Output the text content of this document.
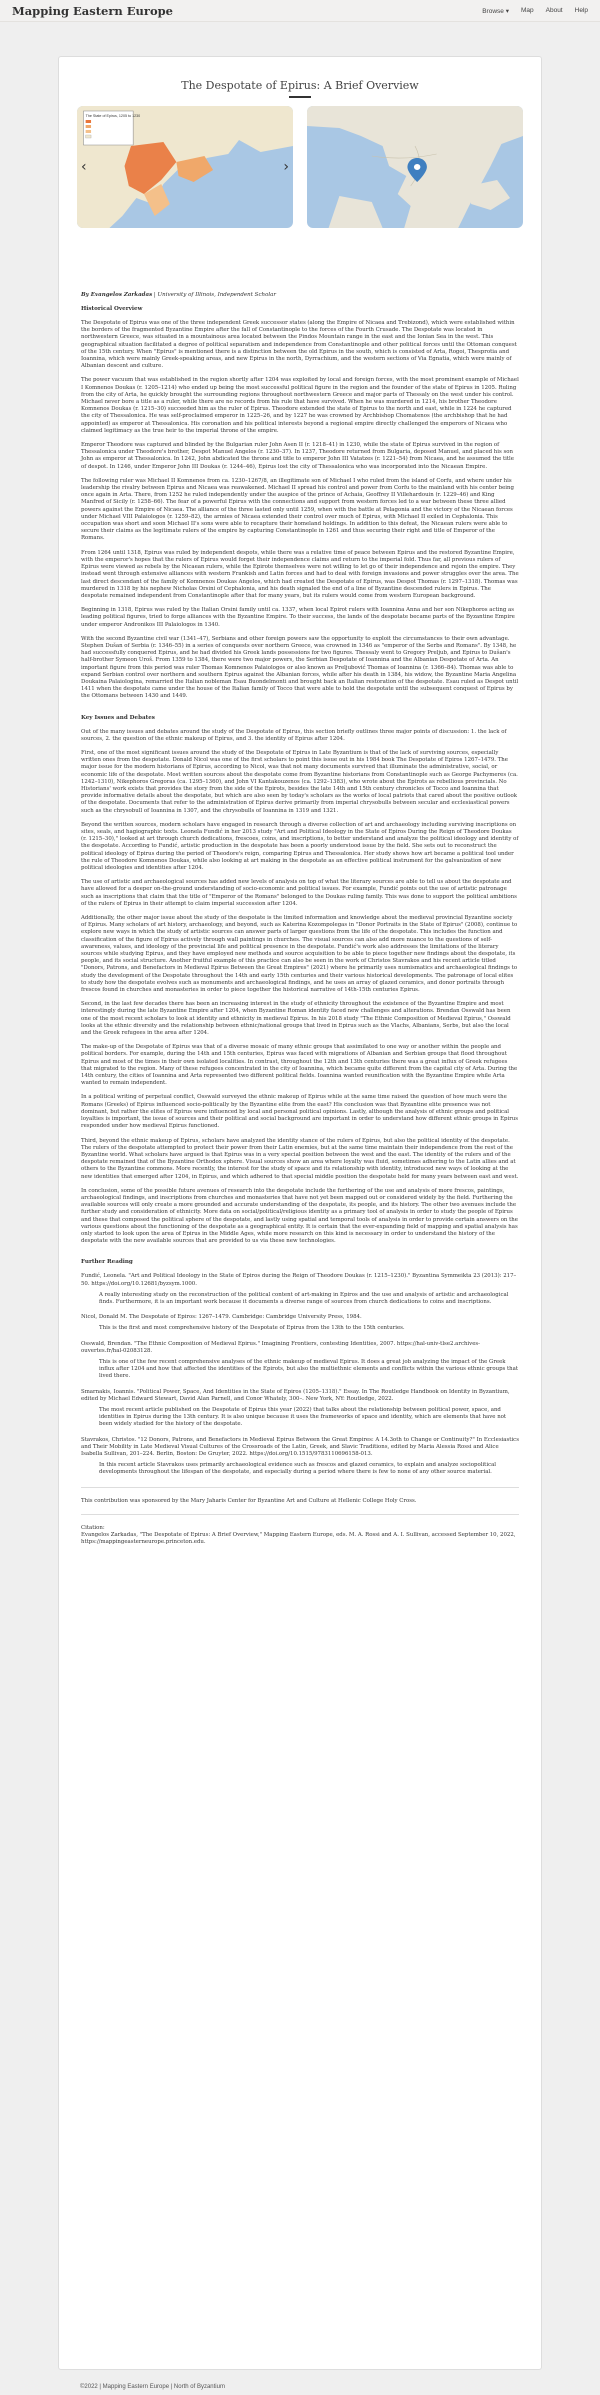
Mapping Eastern Europe	Browse ▾ Map About Help
The Despotate of Epirus: A Brief Overview
The State of Epirus, 1205 to 1230
‹	›
By Evangelos Zarkadas | University of Illinois, Independent Scholar
Historical Overview

The Despotate of Epirus was one of the three independent Greek successor states (along the Empire of Nicaea and Trebizond), which were established within the borders of the fragmented Byzantine Empire after the fall of Constantinople to the forces of the Fourth Crusade. The Despotate was located in northwestern Greece, was situated in a mountainous area located between the Pindos Mountain range in the east and the Ionian Sea in the west. This geographical situation facilitated a degree of political separatism and independence from Constantinople and other political forces until the Ottoman conquest of the 15th century. When "Epirus" is mentioned there is a distinction between the old Epirus in the south, which is consisted of Arta, Rogoi, Thesprotia and Ioannina, which were mainly Greek-speaking areas, and new Epirus in the north, Dyrrachium, and the western sections of Via Egnatia, which were mainly of Albanian descent and culture.

The power vacuum that was established in the region shortly after 1204 was exploited by local and foreign forces, with the most prominent example of Michael I Komnenos Doukas (r. 1205–1214) who ended up being the most successful political figure in the region and the founder of the state of Epirus in 1205. Ruling from the city of Arta, he quickly brought the surrounding regions throughout northwestern Greece and major parts of Thessaly on the west under his control. Michael never bore a title as a ruler, while there are no records from his rule that have survived. When he was murdered in 1214, his brother Theodore Komnenos Doukas (r. 1215–30) succeeded him as the ruler of Epirus. Theodore extended the state of Epirus to the north and east, while in 1224 he captured the city of Thessalonica. He was self-proclaimed emperor in 1225–26, and by 1227 he was crowned by Archbishop Chomatenos (the archbishop that he had appointed) as emperor at Thessalonica. His coronation and his political interests beyond a regional empire directly challenged the emperors of Nicaea who claimed legitimacy as the true heir to the imperial throne of the empire.

Emperor Theodore was captured and blinded by the Bulgarian ruler John Asen II (r. 1218–41) in 1230, while the state of Epirus survived in the region of Thessalonica under Theodore's brother, Despot Manuel Angelos (r. 1230–37). In 1237, Theodore returned from Bulgaria, deposed Manuel, and placed his son John as emperor at Thessalonica. In 1242, John abdicated the throne and title to emperor John III Vatatzes (r. 1221–54) from Nicaea, and he assumed the title of despot. In 1246, under Emperor John III Doukas (r. 1244–46), Epirus lost the city of Thessalonica who was incorporated into the Nicaean Empire.

The following ruler was Michael II Komnenos from ca. 1230–1267/8, an illegitimate son of Michael I who ruled from the island of Corfu, and where under his leadership the rivalry between Epirus and Nicaea was reawakened. Michael II spread his control and power from Corfu to the mainland with his center being once again in Arta. There, from 1252 he ruled independently under the auspice of the prince of Achaia, Geoffrey II Villehardouin (r. 1229–46) and King Manfred of Sicily (r. 1258–66). The fear of a powerful Epirus with the connections and support from western forces led to a war between these three allied powers against the Empire of Nicaea. The alliance of the three lasted only until 1259, when with the battle at Pelagonia and the victory of the Nicaean forces under Michael VIII Palaiologos (r. 1259–82), the armies of Nicaea extended their control over much of Epirus, with Michael II exiled in Cephalonia. This occupation was short and soon Michael II's sons were able to recapture their homeland holdings. In addition to this defeat, the Nicaean rulers were able to secure their claims as the legitimate rulers of the empire by capturing Constantinople in 1261 and thus securing their right and title of Emperor of the Romans.

From 1264 until 1318, Epirus was ruled by independent despots, while there was a relative time of peace between Epirus and the restored Byzantine Empire, with the emperor's hopes that the rulers of Epirus would forget their independence claims and return to the imperial fold. Thus far, all previous rulers of Epirus were viewed as rebels by the Nicaean rulers, while the Epirote themselves were not willing to let go of their independence and rejoin the empire. They instead went through extensive alliances with western Frankish and Latin forces and had to deal with foreign invasions and power struggles over the area. The last direct descendant of the family of Komnenos Doukas Angelos, which had created the Despotate of Epirus, was Despot Thomas (r. 1297–1318). Thomas was murdered in 1318 by his nephew Nicholas Orsini of Cephalonia, and his death signaled the end of a line of Byzantine descended rulers in Epirus. The despotate remained independent from Constantinople after that for many years, but its rulers would come from western European background.

Beginning in 1318, Epirus was ruled by the Italian Orsini family until ca. 1337, when local Epirot rulers with Ioannina Anna and her son Nikephoros acting as leading political figures, tried to forge alliances with the Byzantine Empire. To their success, the lands of the despotate became parts of the Byzantine Empire under emperor Andronikos III Palaiologos in 1340.

With the second Byzantine civil war (1341–47), Serbians and other foreign powers saw the opportunity to exploit the circumstances to their own advantage. Stephen Dušan of Serbia (r. 1346–55) in a series of conquests over northern Greece, was crowned in 1346 as "emperor of the Serbs and Romans". By 1348, he had successfully conquered Epirus, and he had divided his Greek lands possessions for two figures. Thessaly went to Gregory Preljub, and Epirus to Dušan's half-brother Symeon Uroš. From 1359 to 1384, there were two major powers, the Serbian Despotate of Ioannina and the Albanian Despotate of Arta. An important figure from this period was ruler Thomas Komnenos Palaiologos or also known as Preljubović Thomas of Ioannina (r. 1366–84). Thomas was able to expand Serbian control over northern and southern Epirus against the Albanian forces, while after his death in 1384, his widow, the Byzantine Maria Angelina Doukaina Palaiologina, remarried the Italian nobleman Esau Buondelmonti and brought back an Italian restoration of the despotate. Esau ruled as Despot until 1411 when the despotate came under the house of the Italian family of Tocco that were able to hold the despotate until the subsequent conquest of Epirus by the Ottomans between 1430 and 1449.

Key Issues and Debates

Out of the many issues and debates around the study of the Despotate of Epirus, this section briefly outlines three major points of discussion: 1. the lack of sources, 2. the question of the ethnic makeup of Epirus, and 3. the identity of Epirus after 1204.

First, one of the most significant issues around the study of the Despotate of Epirus in Late Byzantium is that of the lack of surviving sources, especially written ones from the despotate. Donald Nicol was one of the first scholars to point this issue out in his 1984 book The Despotate of Epiros 1267–1479. The major issue for the modern historians of Epirus, according to Nicol, was that not many documents survived that illuminate the administrative, social, or economic life of the despotate. Most written sources about the despotate come from Byzantine historians from Constantinople such as George Pachymeres (ca. 1242–1310), Nikephoros Gregoras (ca. 1295–1360), and John VI Kantakouzenos (ca. 1292–1383), who wrote about the Epirots as rebellious provincials. No Historians' work exists that provides the story from the side of the Epirots, besides the late 14th and 15th century chronicles of Tocco and Ioannina that provide informative details about the despotate, but which are also seen by today's scholars as the works of local patriots that cared about the positive outlook of the despotate. Documents that refer to the administration of Epirus derive primarily from imperial chrysobulls between secular and ecclesiastical powers such as the chrysobull of Ioannina in 1307, and the chrysobulls of Ioannina in 1319 and 1321.

Beyond the written sources, modern scholars have engaged in research through a diverse collection of art and archaeology including surviving inscriptions on sites, seals, and hagiographic texts. Leonela Fundić in her 2013 study "Art and Political Ideology in the State of Epiros During the Reign of Theodore Doukas (r. 1215–30)," looked at art through church dedications, frescoes, coins, and inscriptions, to better understand and analyze the political ideology and identity of the despotate. According to Fundić, artistic production in the despotate has been a poorly understood issue by the field. She sets out to reconstruct the political ideology of Epirus during the period of Theodore's reign, comparing Epirus and Thessalonica. Her study shows how art became a political tool under the rule of Theodore Komnenos Doukas, while also looking at art making in the despotate as an effective political instrument for the galvanization of new political ideologies and identities after 1204.

The use of artistic and archaeological sources has added new levels of analysis on top of what the literary sources are able to tell us about the despotate and have allowed for a deeper on-the-ground understanding of socio-economic and political issues. For example, Fundić points out the use of artistic patronage such as inscriptions that claim that the title of "Emperor of the Romans" belonged to the Doukas ruling family. This was done to support the political ambitions of the rulers of Epirus in their attempt to claim imperial succession after 1204.

Additionally, the other major issue about the study of the despotate is the limited information and knowledge about the medieval provincial Byzantine society of Epirus. Many scholars of art history, archaeology, and beyond, such as Katerina Kozompolegas in "Donor Portraits in the State of Epirus" (2008), continue to explore new ways in which the study of artistic sources can answer parts of larger questions from the life of the despotate. This includes the function and classification of the figure of Epirus actively through wall paintings in churches. The visual sources can also add more nuance to the questions of self-awareness, values, and ideology of the provincial life and political presence in the despotate. Fundić's work also addresses the limitations of the literary sources while studying Epirus, and they have employed new methods and source acquisition to be able to piece together new findings about the despotate, its people, and its social structure. Another fruitful example of this practice can also be seen in the work of Christos Stavrakos and his recent article titled "Donors, Patrons, and Benefactors in Medieval Epirus Between the Great Empires" (2021) where he primarily uses numismatics and archaeological findings to study the development of the Despotate throughout the 14th and early 15th centuries and their various historical developments. The patronage of local elites to study how the despotate evolves such as monuments and archaeological findings, and he uses an array of glazed ceramics, and donor portraits through frescos found in churches and monasteries in order to piece together the historical narrative of 14th-15th centuries Epirus.

Second, in the last few decades there has been an increasing interest in the study of ethnicity throughout the existence of the Byzantine Empire and most interestingly during the late Byzantine Empire after 1204, when Byzantine Roman identity faced new challenges and alterations. Brendan Osswald has been one of the most recent scholars to look at identity and ethnicity in medieval Epirus. In his 2018 study "The Ethnic Composition of Medieval Epirus," Osswald looks at the ethnic diversity and the relationship between ethnic/national groups that lived in Epirus such as the Vlachs, Albanians, Serbs, but also the local and the Greek refugees in the area after 1204.

The make-up of the Despotate of Epirus was that of a diverse mosaic of many ethnic groups that assimilated to one way or another within the people and political borders. For example, during the 14th and 15th centuries, Epirus was faced with migrations of Albanian and Serbian groups that flood throughout Epirus and most of the times in their own isolated localities. In contrast, throughout the 12th and 13th centuries there was a great influx of Greek refugees that migrated to the region. Many of these refugees concentrated in the city of Ioannina, which became quite different from the capital city of Arta. During the 14th century, the cities of Ioannina and Arta represented two different political fields. Ioannina wanted reunification with the Byzantine Empire while Arta wanted to remain independent.

In a political writing of perpetual conflict, Osswald surveyed the ethnic makeup of Epirus while at the same time raised the question of how much were the Romans (Greeks) of Epirus influenced socio-politically by the Byzantine elite from the east? His conclusion was that Byzantine elite presence was not dominant, but rather the elites of Epirus were influenced by local and personal political opinions. Lastly, although the analysis of ethnic groups and political loyalties is important, the issue of sources and their political and social background are important in order to understand how different ethnic groups in Epirus responded under how medieval Epirus functioned.

Third, beyond the ethnic makeup of Epirus, scholars have analyzed the identity stance of the rulers of Epirus, but also the political identity of the despotate. The rulers of the despotate attempted to protect their power from their Latin enemies, but at the same time maintain their independence from the rest of the Byzantine world. What scholars have argued is that Epirus was in a very special position between the west and the east. The identity of the rulers and of the despotate remained that of the Byzantine Orthodox sphere. Visual sources show an area where loyalty was fluid, sometimes adhering to the Latin allies and at others to the Byzantine commons. More recently, the interest for the study of space and its relationship with identity, introduced new ways of looking at the new identities that emerged after 1204, in Epirus, and which adhered to that special middle position the despotate held for many years between east and west.

In conclusion, some of the possible future avenues of research into the despotate include the furthering of the use and analysis of more frescos, paintings, archaeological findings, and inscriptions from churches and monasteries that have not yet been mapped out or considered widely by the field. Furthering the available sources will only create a more grounded and accurate understanding of the despotate, its people, and its history. The other two avenues include the further study and consideration of ethnicity. More data on social/political/religious identity as a primary tool of analysis in order to study the people of Epirus and these that composed the political sphere of the despotate, and lastly using spatial and temporal tools of analysis in order to provide certain answers on the various questions about the functioning of the despotate as a geographical entity. It is certain that the ever-expanding field of mapping and spatial analysis has only started to look upon the area of Epirus in the Middle Ages, while more research on this kind is necessary in order to understand the history of the despotate with the new available sources that are provided to us via these new technologies.

Further Reading
Fundić, Leonela. "Art and Political Ideology in the State of Epiros during the Reign of Theodore Doukas (r. 1215–1230)." Byzantina Symmeikta 23 (2013): 217–50. https://doi.org/10.12681/byzsym.1000.
A really interesting study on the reconstruction of the political content of art-making in Epiros and the use and analysis of artistic and archaeological finds. Furthermore, it is an important work because it documents a diverse range of sources from church dedications to coins and inscriptions.
Nicol, Donald M. The Despotate of Epiros: 1267–1479. Cambridge: Cambridge University Press, 1984.
This is the first and most comprehensive history of the Despotate of Epirus from the 13th to the 15th centuries.
Osswald, Brendan. "The Ethnic Composition of Medieval Epirus." Imagining Frontiers, contesting Identities, 2007. https://hal-univ-tlse2.archives-ouvertes.fr/hal-02083128.
This is one of the few recent comprehensive analyses of the ethnic makeup of medieval Epirus. It does a great job analyzing the impact of the Greek influx after 1204 and how that affected the identities of the Epirots, but also the multiethnic elements and conflicts within the various ethnic groups that lived there.
Smarnakis, Ioannis. "Political Power, Space, And Identities in the State of Epiros (1205–1318)." Essay. In The Routledge Handbook on Identity in Byzantium, edited by Michael Edward Stewart, David Alan Parnell, and Conor Whately, 300–. New York, NY: Routledge, 2022.
The most recent article published on the Despotate of Epirus this year (2022) that talks about the relationship between political power, space, and identities in Epirus during the 13th century. It is also unique because it uses the frameworks of space and identity, which are elements that have not been widely studied for the history of the despotate.
Stavrakos, Christos. "12 Donors, Patrons, and Benefactors in Medieval Epirus Between the Great Empires: A 14.3oth to Change or Continuity?" In Ecclesiastics and Their Mobility in Late Medieval Visual Cultures of the Crossroads of the Latin, Greek, and Slavic Traditions, edited by Maria Alessia Rossi and Alice Isabella Sullivan, 201–224. Berlin, Boston: De Gruyter, 2022. https://doi.org/10.1515/9783110696158-013.
In this recent article Stavrakos uses primarily archaeological evidence such as frescos and glazed ceramics, to explain and analyze sociopolitical developments throughout the lifespan of the despotate, and especially during a period where there is few to none of any other source material.
This contribution was sponsored by the Mary Jaharis Center for Byzantine Art and Culture at Hellenic College Holy Cross.
Citation:
Evangelos Zarkadas, "The Despotate of Epirus: A Brief Overview," Mapping Eastern Europe, eds. M. A. Rossi and A. I. Sullivan, accessed September 10, 2022, https://mappingeasterneurope.princeton.edu.
©2022 | Mapping Eastern Europe | North of Byzantium
